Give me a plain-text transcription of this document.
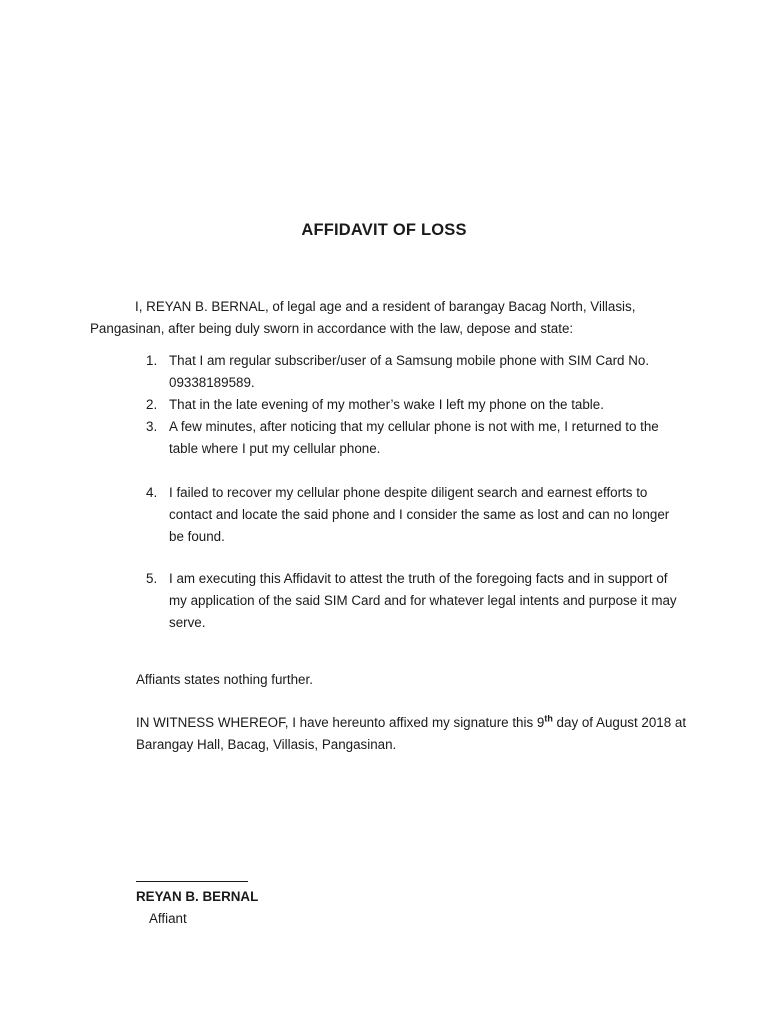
AFFIDAVIT OF LOSS
I, REYAN B. BERNAL, of legal age and a resident of barangay Bacag North, Villasis, Pangasinan, after being duly sworn in accordance with the law, depose and state:
1. That I am regular subscriber/user of a Samsung mobile phone with SIM Card No. 09338189589.
2. That in the late evening of my mother’s wake I left my phone on the table.
3. A few minutes, after noticing that my cellular phone is not with me, I returned to the table where I put my cellular phone.
4. I failed to recover my cellular phone despite diligent search and earnest efforts to contact and locate the said phone and I consider the same as lost and can no longer be found.
5. I am executing this Affidavit to attest the truth of the foregoing facts and in support of my application of the said SIM Card and for whatever legal intents and purpose it may serve.
Affiants states nothing further.
IN WITNESS WHEREOF, I have hereunto affixed my signature this 9th day of August 2018 at Barangay Hall, Bacag, Villasis, Pangasinan.
REYAN B. BERNAL
Affiant
